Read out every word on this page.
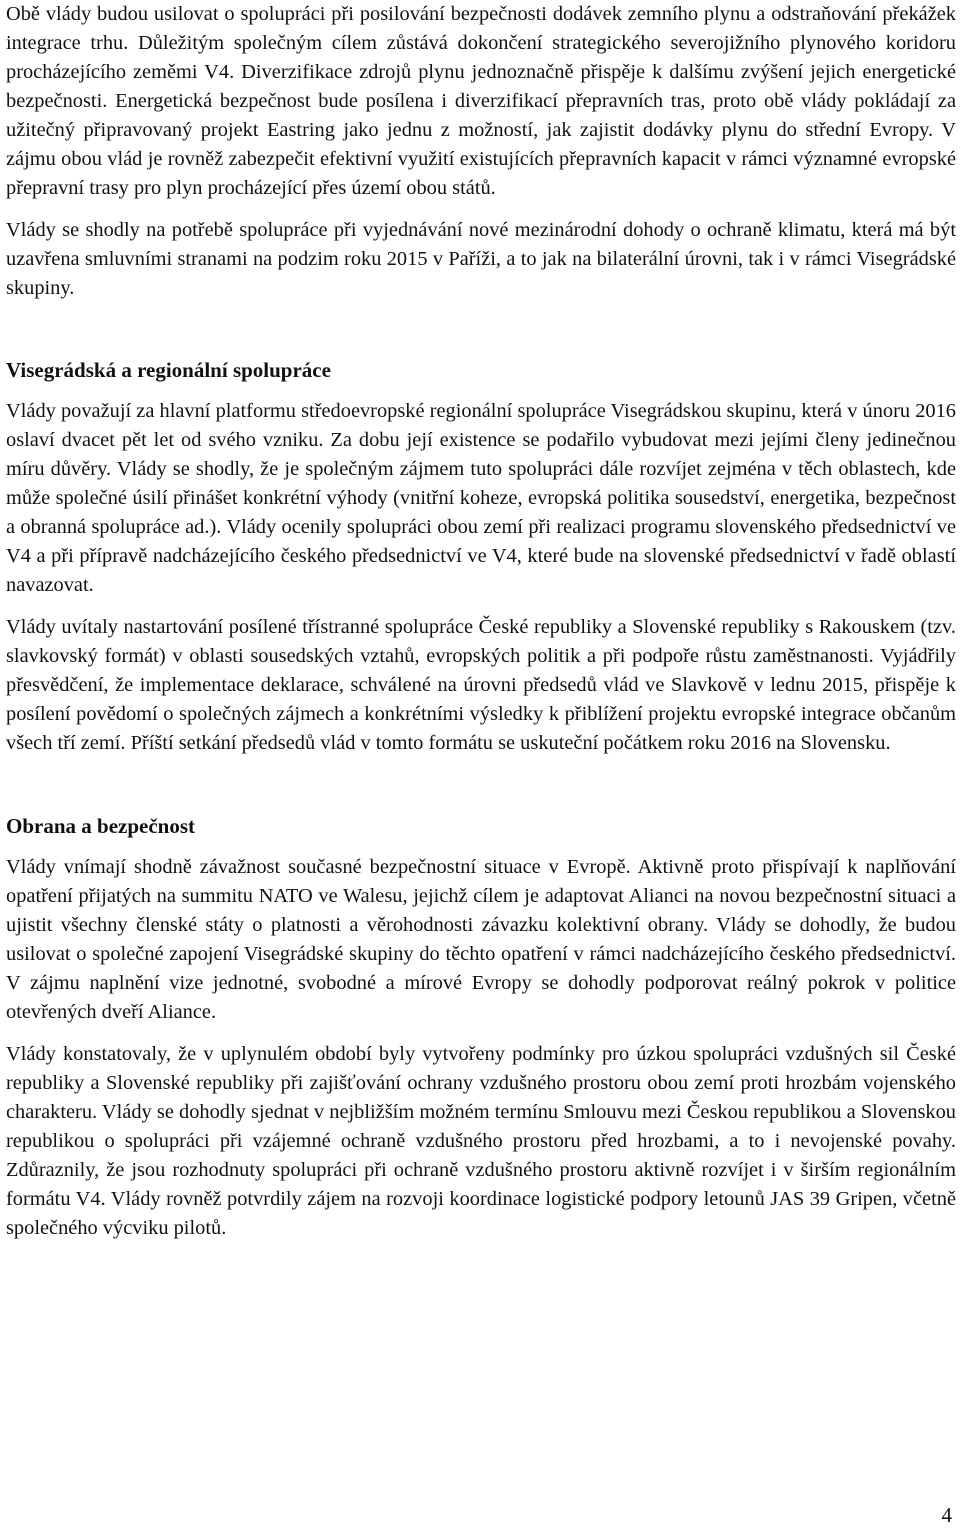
Obě vlády budou usilovat o spolupráci při posilování bezpečnosti dodávek zemního plynu a odstraňování překážek integrace trhu. Důležitým společným cílem zůstává dokončení strategického severojižního plynového koridoru procházejícího zeměmi V4. Diverzifikace zdrojů plynu jednoznačně přispěje k dalšímu zvýšení jejich energetické bezpečnosti. Energetická bezpečnost bude posílena i diverzifikací přepravních tras, proto obě vlády pokládají za užitečný připravovaný projekt Eastring jako jednu z možností, jak zajistit dodávky plynu do střední Evropy. V zájmu obou vlád je rovněž zabezpečit efektivní využití existujících přepravních kapacit v rámci významné evropské přepravní trasy pro plyn procházející přes území obou států.

Vlády se shodly na potřebě spolupráce při vyjednávání nové mezinárodní dohody o ochraně klimatu, která má být uzavřena smluvními stranami na podzim roku 2015 v Paříži, a to jak na bilaterální úrovni, tak i v rámci Visegrádské skupiny.

Visegrádská a regionální spolupráce

Vlády považují za hlavní platformu středoevropské regionální spolupráce Visegrádskou skupinu, která v únoru 2016 oslaví dvacet pět let od svého vzniku. Za dobu její existence se podařilo vybudovat mezi jejími členy jedinečnou míru důvěry. Vlády se shodly, že je společným zájmem tuto spolupráci dále rozvíjet zejména v těch oblastech, kde může společné úsilí přinášet konkrétní výhody (vnitřní koheze, evropská politika sousedství, energetika, bezpečnost a obranná spolupráce ad.). Vlády ocenily spolupráci obou zemí při realizaci programu slovenského předsednictví ve V4 a při přípravě nadcházejícího českého předsednictví ve V4, které bude na slovenské předsednictví v řadě oblastí navazovat.

Vlády uvítaly nastartování posílené třístranné spolupráce České republiky a Slovenské republiky s Rakouskem (tzv. slavkovský formát) v oblasti sousedských vztahů, evropských politik a při podpoře růstu zaměstnanosti. Vyjádřily přesvědčení, že implementace deklarace, schválené na úrovni předsedů vlád ve Slavkově v lednu 2015, přispěje k posílení povědomí o společných zájmech a konkrétními výsledky k přiblížení projektu evropské integrace občanům všech tří zemí. Příští setkání předsedů vlád v tomto formátu se uskuteční počátkem roku 2016 na Slovensku.

Obrana a bezpečnost

Vlády vnímají shodně závažnost současné bezpečnostní situace v Evropě. Aktivně proto přispívají k naplňování opatření přijatých na summitu NATO ve Walesu, jejichž cílem je adaptovat Alianci na novou bezpečnostní situaci a ujistit všechny členské státy o platnosti a věrohodnosti závazku kolektivní obrany. Vlády se dohodly, že budou usilovat o společné zapojení Visegrádské skupiny do těchto opatření v rámci nadcházejícího českého předsednictví. V zájmu naplnění vize jednotné, svobodné a mírové Evropy se dohodly podporovat reálný pokrok v politice otevřených dveří Aliance.

Vlády konstatovaly, že v uplynulém období byly vytvořeny podmínky pro úzkou spolupráci vzdušných sil České republiky a Slovenské republiky při zajišťování ochrany vzdušného prostoru obou zemí proti hrozbám vojenského charakteru. Vlády se dohodly sjednat v nejbližším možném termínu Smlouvu mezi Českou republikou a Slovenskou republikou o spolupráci při vzájemné ochraně vzdušného prostoru před hrozbami, a to i nevojenské povahy. Zdůraznily, že jsou rozhodnuty spolupráci při ochraně vzdušného prostoru aktivně rozvíjet i v širším regionálním formátu V4. Vlády rovněž potvrdily zájem na rozvoji koordinace logistické podpory letounů JAS 39 Gripen, včetně společného výcviku pilotů.

4
